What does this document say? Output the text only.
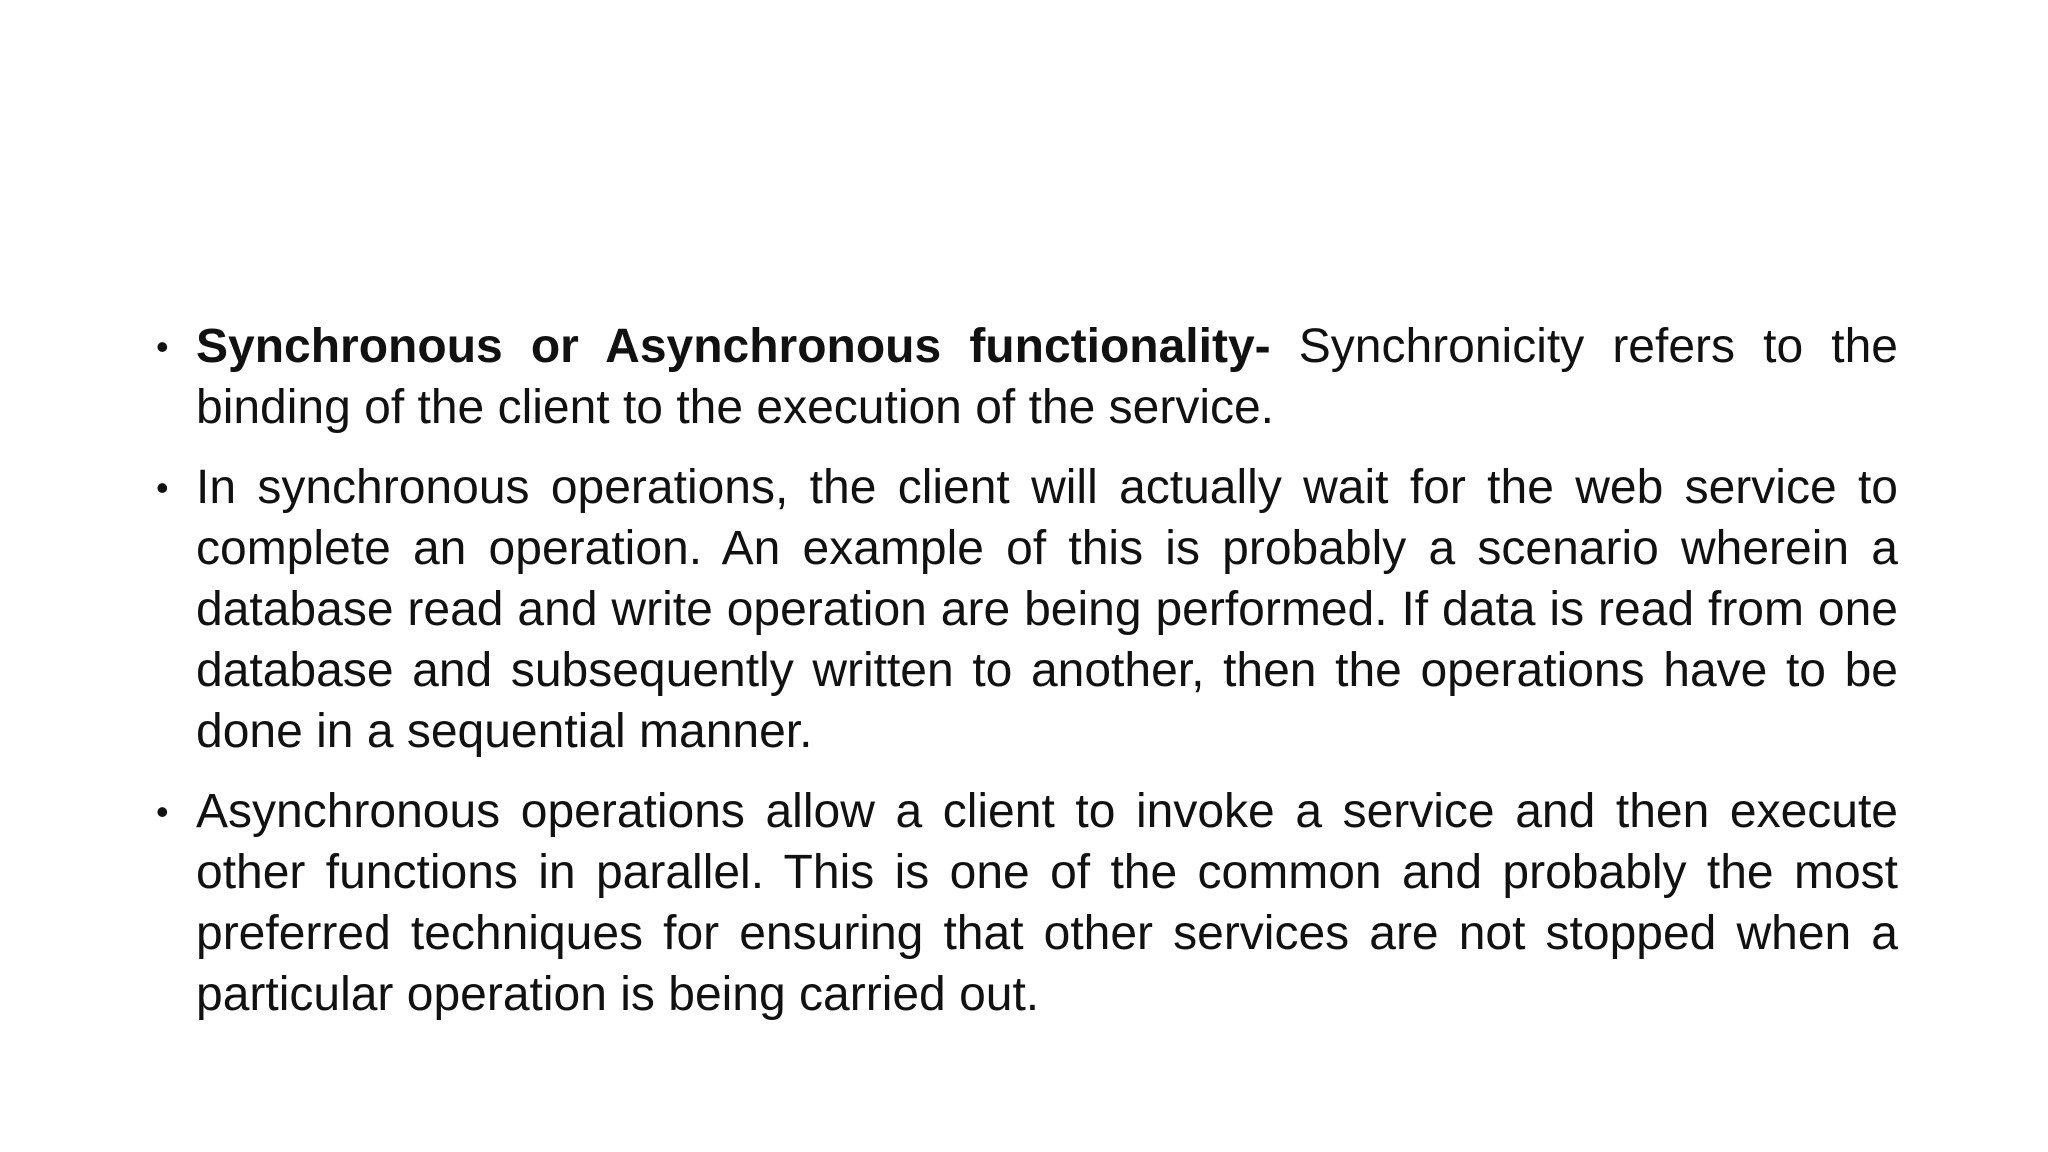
• Synchronous or Asynchronous functionality- Synchronicity refers to the binding of the client to the execution of the service.
• In synchronous operations, the client will actually wait for the web service to complete an operation. An example of this is probably a scenario wherein a database read and write operation are being performed. If data is read from one database and subsequently written to another, then the operations have to be done in a sequential manner.
• Asynchronous operations allow a client to invoke a service and then execute other functions in parallel. This is one of the common and probably the most preferred techniques for ensuring that other services are not stopped when a particular operation is being carried out.
